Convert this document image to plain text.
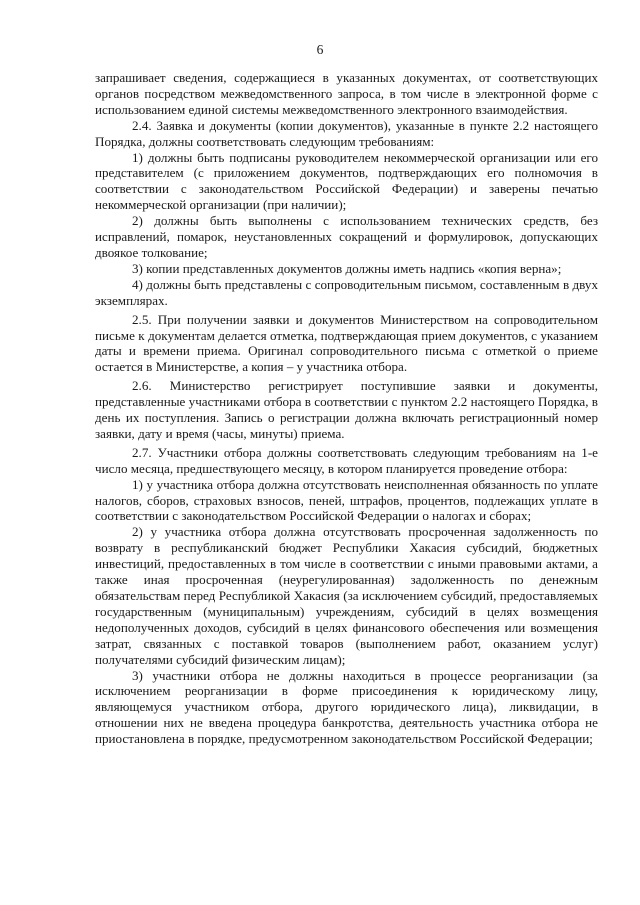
6

запрашивает сведения, содержащиеся в указанных документах, от соответствующих органов посредством межведомственного запроса, в том числе в электронной форме с использованием единой системы межведомственного электронного взаимодействия.

2.4. Заявка и документы (копии документов), указанные в пункте 2.2 настоящего Порядка, должны соответствовать следующим требованиям:

1) должны быть подписаны руководителем некоммерческой организации или его представителем (с приложением документов, подтверждающих его полномочия в соответствии с законодательством Российской Федерации) и заверены печатью некоммерческой организации (при наличии);

2) должны быть выполнены с использованием технических средств, без исправлений, помарок, неустановленных сокращений и формулировок, допускающих двоякое толкование;

3) копии представленных документов должны иметь надпись «копия верна»;

4) должны быть представлены с сопроводительным письмом, составленным в двух экземплярах.

2.5. При получении заявки и документов Министерством на сопроводительном письме к документам делается отметка, подтверждающая прием документов, с указанием даты и времени приема. Оригинал сопроводительного письма с отметкой о приеме остается в Министерстве, а копия – у участника отбора.

2.6. Министерство регистрирует поступившие заявки и документы, представленные участниками отбора в соответствии с пунктом 2.2 настоящего Порядка, в день их поступления. Запись о регистрации должна включать регистрационный номер заявки, дату и время (часы, минуты) приема.

2.7. Участники отбора должны соответствовать следующим требованиям на 1-е число месяца, предшествующего месяцу, в котором планируется проведение отбора:

1) у участника отбора должна отсутствовать неисполненная обязанность по уплате налогов, сборов, страховых взносов, пеней, штрафов, процентов, подлежащих уплате в соответствии с законодательством Российской Федерации о налогах и сборах;

2) у участника отбора должна отсутствовать просроченная задолженность по возврату в республиканский бюджет Республики Хакасия субсидий, бюджетных инвестиций, предоставленных в том числе в соответствии с иными правовыми актами, а также иная просроченная (неурегулированная) задолженность по денежным обязательствам перед Республикой Хакасия (за исключением субсидий, предоставляемых государственным (муниципальным) учреждениям, субсидий в целях возмещения недополученных доходов, субсидий в целях финансового обеспечения или возмещения затрат, связанных с поставкой товаров (выполнением работ, оказанием услуг) получателями субсидий физическим лицам);

3) участники отбора не должны находиться в процессе реорганизации (за исключением реорганизации в форме присоединения к юридическому лицу, являющемуся участником отбора, другого юридического лица), ликвидации, в отношении них не введена процедура банкротства, деятельность участника отбора не приостановлена в порядке, предусмотренном законодательством Российской Федерации;
